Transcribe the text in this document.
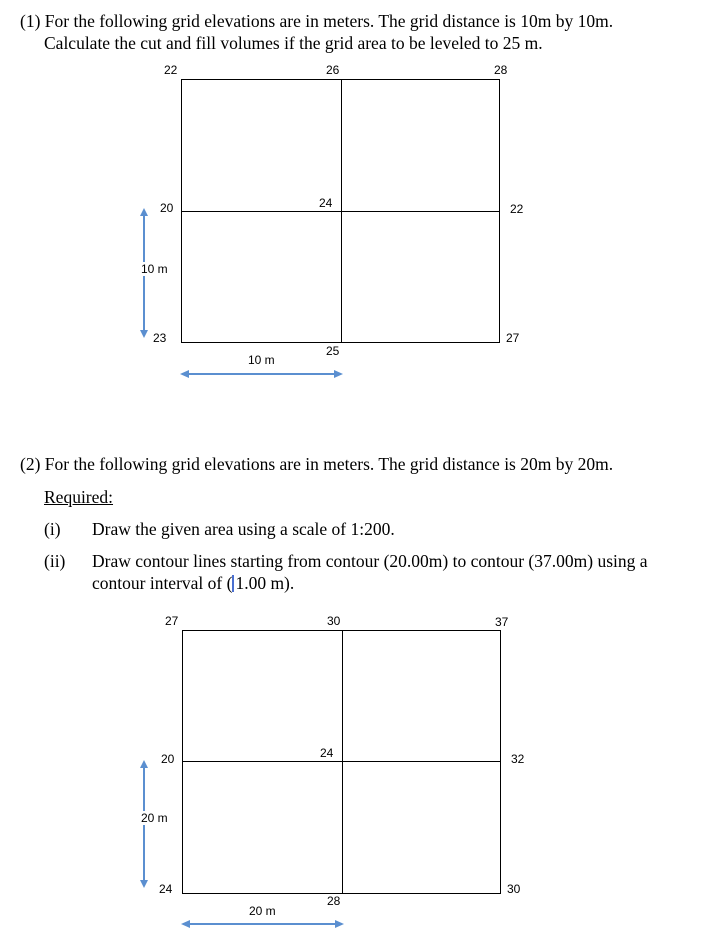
(1) For the following grid elevations are in meters. The grid distance is 10m by 10m.
Calculate the cut and fill volumes if the grid area to be leveled to 25 m.
22	26	28
20	24	22
23
25
27
10 m
10 m
(2) For the following grid elevations are in meters. The grid distance is 20m by 20m.
Required:
(i) Draw the given area using a scale of 1:200.
(ii) Draw contour lines starting from contour (20.00m) to contour (37.00m) using a
contour interval of ( 1.00 m).
27	30	37
20	24	32
24
28
30
20 m
20 m
